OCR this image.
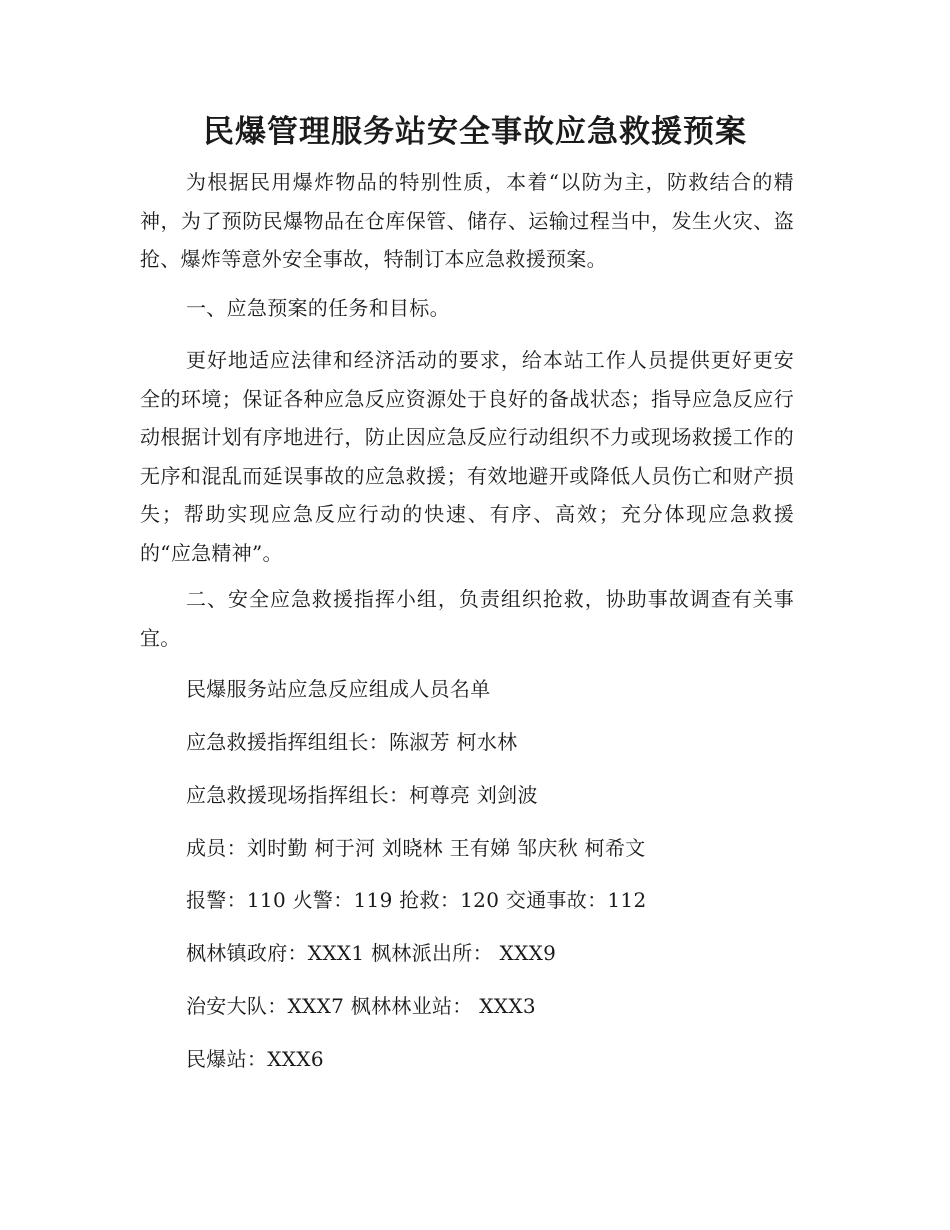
民爆管理服务站安全事故应急救援预案

为根据民用爆炸物品的特别性质，本着“以防为主，防救结合的精神，为了预防民爆物品在仓库保管、储存、运输过程当中，发生火灾、盗抢、爆炸等意外安全事故，特制订本应急救援预案。

一、应急预案的任务和目标。

更好地适应法律和经济活动的要求，给本站工作人员提供更好更安全的环境；保证各种应急反应资源处于良好的备战状态；指导应急反应行动根据计划有序地进行，防止因应急反应行动组织不力或现场救援工作的无序和混乱而延误事故的应急救援；有效地避开或降低人员伤亡和财产损失；帮助实现应急反应行动的快速、有序、高效；充分体现应急救援的“应急精神”。

二、安全应急救援指挥小组，负责组织抢救，协助事故调查有关事宜。

民爆服务站应急反应组成人员名单

应急救援指挥组组长：陈淑芳 柯水林

应急救援现场指挥组长：柯尊亮 刘剑波

成员：刘时勤 柯于河 刘晓林 王有娣 邹庆秋 柯希文

报警：110 火警：119 抢救：120 交通事故：112

枫林镇政府：XXX1 枫林派出所： XXX9

治安大队：XXX7 枫林林业站： XXX3

民爆站：XXX6
